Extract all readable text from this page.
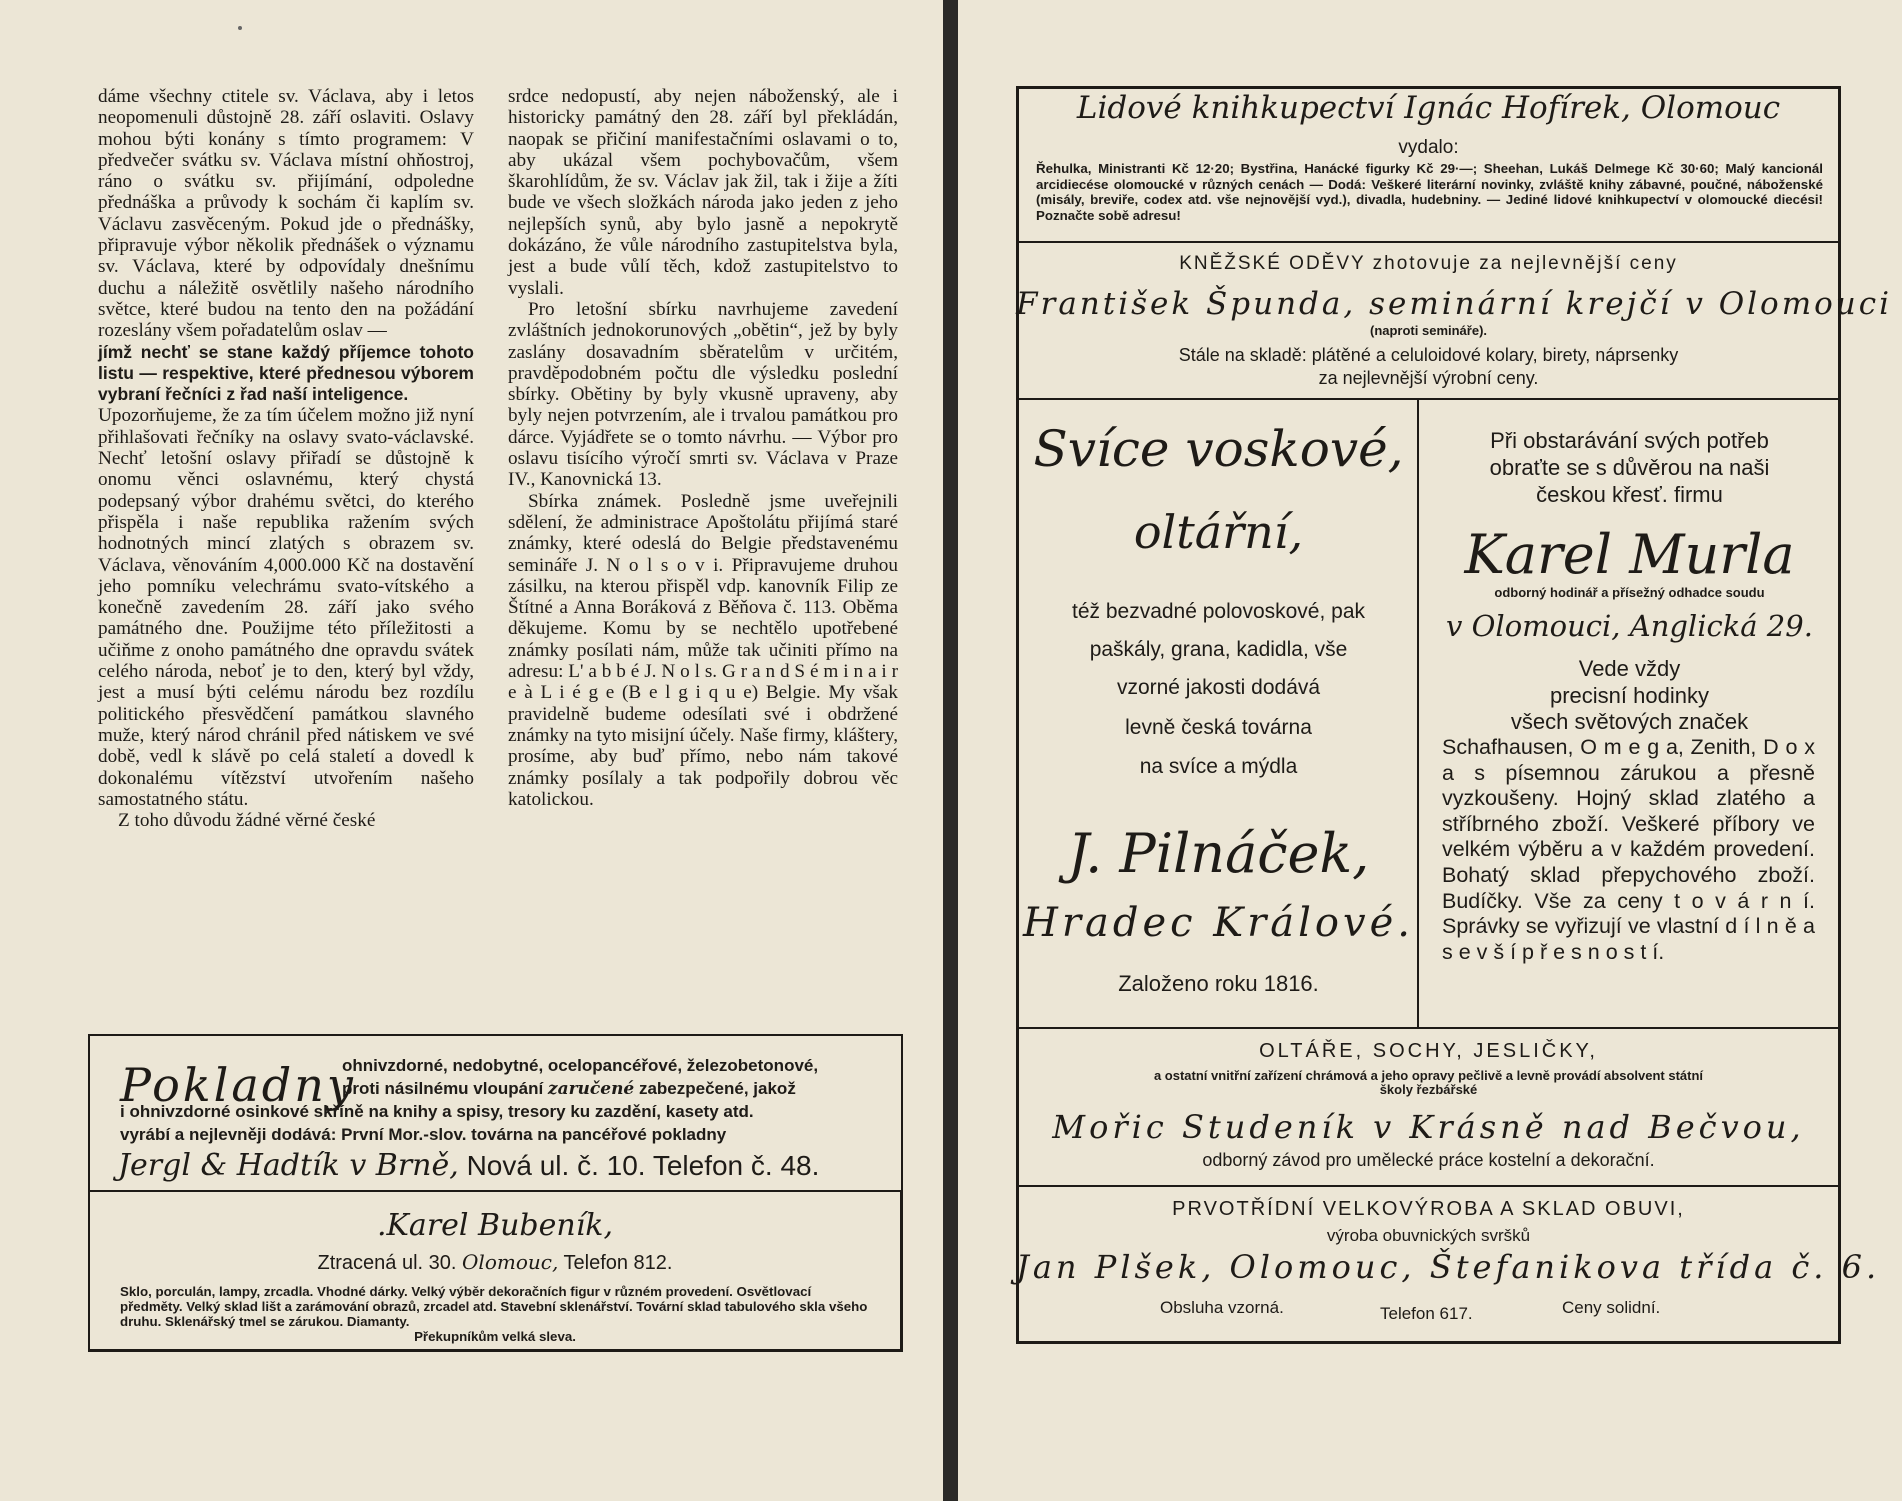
dáme všechny ctitele sv. Václava, aby i letos neopomenuli důstojně 28. září oslaviti. Oslavy mohou býti konány s tímto programem: V předvečer svátku sv. Václava místní ohňostroj, ráno o svátku sv. přijímání, odpoledne přednáška a průvody k sochám či kaplím sv. Václavu zasvěceným. Pokud jde o přednášky, připravuje výbor několik přednášek o významu sv. Václava, které by odpovídaly dnešnímu duchu a náležitě osvětlily našeho národního světce, které budou na tento den na požádání rozeslány všem pořadatelům oslav —

jímž nechť se stane každý příjemce tohoto listu — respektive, které přednesou výborem vybraní řečníci z řad naší inteligence.

Upozorňujeme, že za tím účelem možno již nyní přihlašovati řečníky na oslavy svato-václavské. Nechť letošní oslavy přiřadí se důstojně k onomu věnci oslavnému, který chystá podepsaný výbor drahému světci, do kterého přispěla i naše republika ražením svých hodnotných mincí zlatých s obrazem sv. Václava, věnováním 4,000.000 Kč na dostavění jeho pomníku velechrámu svato-vítského a konečně zavedením 28. září jako svého památného dne. Použijme této příležitosti a učiňme z onoho památného dne opravdu svátek celého národa, neboť je to den, který byl vždy, jest a musí býti celému národu bez rozdílu politického přesvědčení památkou slavného muže, který národ chránil před nátiskem ve své době, vedl k slávě po celá staletí a dovedl k dokonalému vítězství utvořením našeho samostatného státu.

Z toho důvodu žádné věrné české

srdce nedopustí, aby nejen náboženský, ale i historicky památný den 28. září byl překládán, naopak se přičiní manifestačními oslavami o to, aby ukázal všem pochybovačům, všem škarohlídům, že sv. Václav jak žil, tak i žije a žíti bude ve všech složkách národa jako jeden z jeho nejlepších synů, aby bylo jasně a nepokrytě dokázáno, že vůle národního zastupitelstva byla, jest a bude vůlí těch, kdož zastupitelstvo to vyslali.

Pro letošní sbírku navrhujeme zavedení zvláštních jednokorunových „obětin“, jež by byly zaslány dosavadním sběratelům v určitém, pravděpodobném počtu dle výsledku poslední sbírky. Obětiny by byly vkusně upraveny, aby byly nejen potvrzením, ale i trvalou památkou pro dárce. Vyjádřete se o tomto návrhu. — Výbor pro oslavu tisícího výročí smrti sv. Václava v Praze IV., Kanovnická 13.

Sbírka známek. Posledně jsme uveřejnili sdělení, že administrace Apoštolátu přijímá staré známky, které odeslá do Belgie představenému semináře J. N o l s o v i. Připravujeme druhou zásilku, na kterou přispěl vdp. kanovník Filip ze Štítné a Anna Boráková z Běňova č. 113. Oběma děkujeme. Komu by se nechtělo upotřebené známky posílati nám, může tak učiniti přímo na adresu: L' a b b é J. N o l s. G r a n d S é m i n a i r e à L i é g e (B e l g i q u e) Belgie. My však pravidelně budeme odesílati své i obdržené známky na tyto misijní účely. Naše firmy, kláštery, prosíme, aby buď přímo, nebo nám takové známky posílaly a tak podpořily dobrou věc katolickou.

Pokladny
ohnivzdorné, nedobytné, ocelopancéřové, železobetonové,
proti násilnému vloupání zaručené zabezpečené, jakož
i ohnivzdorné osinkové skříně na knihy a spisy, tresory ku zazdění, kasety atd.
vyrábí a nejlevněji dodává: První Mor.-slov. továrna na pancéřové pokladny
Jergl & Hadtík v Brně, Nová ul. č. 10. Telefon č. 48.
.Karel Bubeník,
Ztracená ul. 30. Olomouc, Telefon 812.
Sklo, porculán, lampy, zrcadla. Vhodné dárky. Velký výběr dekoračních figur v různém provedení. Osvětlovací předměty. Velký sklad lišt a zarámování obrazů, zrcadel atd. Stavební sklenářství. Tovární sklad tabulového skla všeho druhu. Sklenářský tmel se zárukou. Diamanty.
Překupníkům velká sleva.
Lidové knihkupectví Ignác Hofírek, Olomouc
vydalo:
Řehulka, Ministranti Kč 12·20; Bystřina, Hanácké figurky Kč 29·—; Sheehan, Lukáš Delmege Kč 30·60; Malý kancionál arcidiecése olomoucké v různých cenách — Dodá: Veškeré literární novinky, zvláště knihy zábavné, poučné, náboženské (misály, breviře, codex atd. vše nejnovější vyd.), divadla, hudebniny. — Jediné lidové knihkupectví v olomoucké diecési! Poznačte sobě adresu!
KNĚŽSKÉ ODĚVY zhotovuje za nejlevnější ceny
František Špunda, seminární krejčí v Olomouci
(naproti semináře).
Stále na skladě: plátěné a celuloidové kolary, birety, náprsenky
za nejlevnější výrobní ceny.
Svíce voskové,
oltářní,
též bezvadné polovoskové, pak
paškály, grana, kadidla, vše
vzorné jakosti dodává
levně česká továrna
na svíce a mýdla
J. Pilnáček,
Hradec Králové.
Založeno roku 1816.
Při obstarávání svých potřeb
obraťte se s důvěrou na naši
českou křesť. firmu
Karel Murla
odborný hodinář a přísežný odhadce soudu
v Olomouci, Anglická 29.
Vede vždy
precisní hodinky
všech světových značek
Schafhausen, O m e g a, Zenith, D o x a s písemnou zárukou a přesně vyzkoušeny. Hojný sklad zlatého a stříbrného zboží. Veškeré příbory ve velkém výběru a v každém provedení. Bohatý sklad přepychového zboží. Budíčky. Vše za ceny t o v á r n í. Správky se vyřizují ve vlastní d í l n ě a s e v š í p ř e s n o s t í.
OLTÁŘE, SOCHY, JESLIČKY,
a ostatní vnitřní zařízení chrámová a jeho opravy pečlivě a levně provádí absolvent státní
školy řezbářské
Mořic Studeník v Krásně nad Bečvou,
odborný závod pro umělecké práce kostelní a dekorační.
PRVOTŘÍDNÍ VELKOVÝROBA A SKLAD OBUVI,
výroba obuvnických svršků
Jan Plšek, Olomouc, Štefanikova třída č. 6.
Obsluha vzorná.	Telefon 617.	Ceny solidní.
